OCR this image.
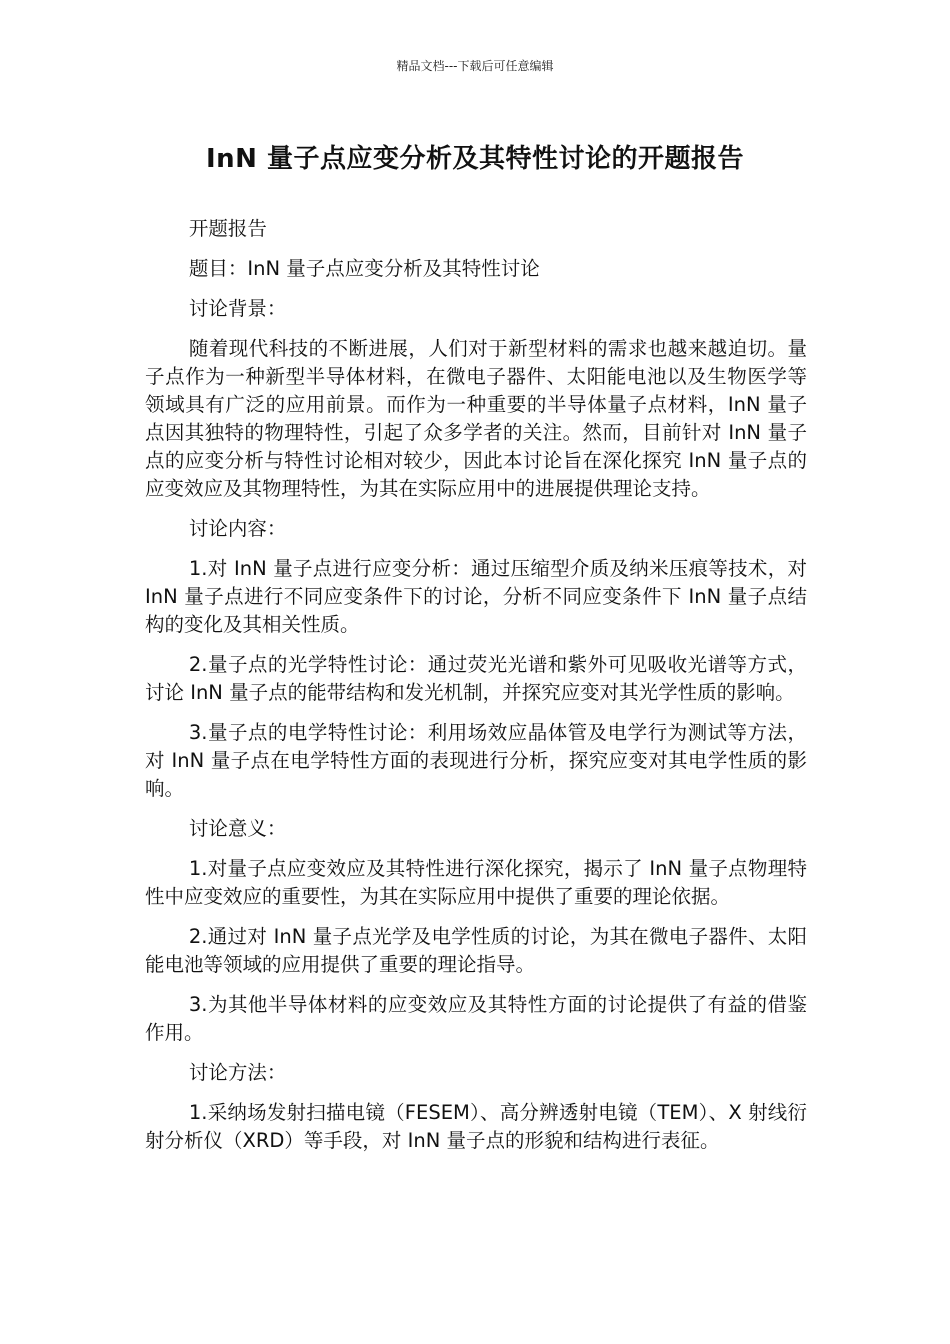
精品文档---下载后可任意编辑
InN 量子点应变分析及其特性讨论的开题报告

开题报告

题目：InN 量子点应变分析及其特性讨论

讨论背景：

随着现代科技的不断进展，人们对于新型材料的需求也越来越迫切。量子点作为一种新型半导体材料，在微电子器件、太阳能电池以及生物医学等领域具有广泛的应用前景。而作为一种重要的半导体量子点材料，InN 量子点因其独特的物理特性，引起了众多学者的关注。然而，目前针对 InN 量子点的应变分析与特性讨论相对较少，因此本讨论旨在深化探究 InN 量子点的应变效应及其物理特性，为其在实际应用中的进展提供理论支持。

讨论内容：

1.对 InN 量子点进行应变分析：通过压缩型介质及纳米压痕等技术，对 InN 量子点进行不同应变条件下的讨论，分析不同应变条件下 InN 量子点结构的变化及其相关性质。

2.量子点的光学特性讨论：通过荧光光谱和紫外可见吸收光谱等方式，讨论 InN 量子点的能带结构和发光机制，并探究应变对其光学性质的影响。

3.量子点的电学特性讨论：利用场效应晶体管及电学行为测试等方法，对 InN 量子点在电学特性方面的表现进行分析，探究应变对其电学性质的影响。

讨论意义：

1.对量子点应变效应及其特性进行深化探究，揭示了 InN 量子点物理特性中应变效应的重要性，为其在实际应用中提供了重要的理论依据。

2.通过对 InN 量子点光学及电学性质的讨论，为其在微电子器件、太阳能电池等领域的应用提供了重要的理论指导。

3.为其他半导体材料的应变效应及其特性方面的讨论提供了有益的借鉴作用。

讨论方法：

1.采纳场发射扫描电镜（FESEM）、高分辨透射电镜（TEM）、X 射线衍射分析仪（XRD）等手段，对 InN 量子点的形貌和结构进行表征。
